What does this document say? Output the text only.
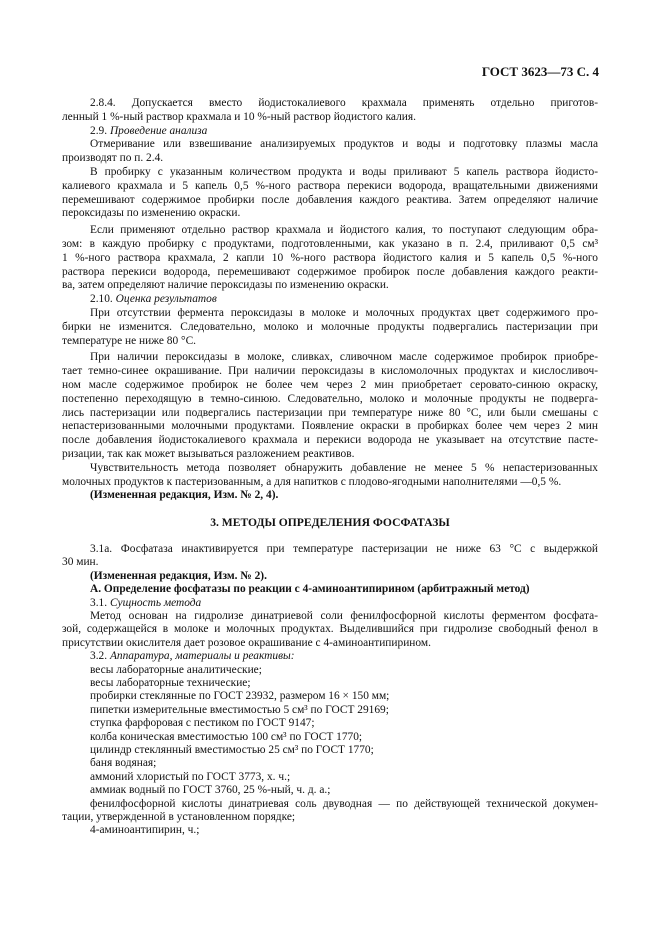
ГОСТ 3623—73 С. 4
2.8.4. Допускается вместо йодистокалиевого крахмала применять отдельно приготов-
ленный 1 %-ный раствор крахмала и 10 %-ный раствор йодистого калия.
2.9. Проведение анализа
Отмеривание или взвешивание анализируемых продуктов и воды и подготовку плазмы масла
производят по п. 2.4.
В пробирку с указанным количеством продукта и воды приливают 5 капель раствора йодисто-
калиевого крахмала и 5 капель 0,5 %-ного раствора перекиси водорода, вращательными движениями
перемешивают содержимое пробирки после добавления каждого реактива. Затем определяют наличие
пероксидазы по изменению окраски.
Если применяют отдельно раствор крахмала и йодистого калия, то поступают следующим обра-
зом: в каждую пробирку с продуктами, подготовленными, как указано в п. 2.4, приливают 0,5 см³
1 %-ного раствора крахмала, 2 капли 10 %-ного раствора йодистого калия и 5 капель 0,5 %-ного
раствора перекиси водорода, перемешивают содержимое пробирок после добавления каждого реакти-
ва, затем определяют наличие пероксидазы по изменению окраски.
2.10. Оценка результатов
При отсутствии фермента пероксидазы в молоке и молочных продуктах цвет содержимого про-
бирки не изменится. Следовательно, молоко и молочные продукты подвергались пастеризации при
температуре не ниже 80 °С.
При наличии пероксидазы в молоке, сливках, сливочном масле содержимое пробирок приобре-
тает темно-синее окрашивание. При наличии пероксидазы в кисломолочных продуктах и кислосливоч-
ном масле содержимое пробирок не более чем через 2 мин приобретает серовато-синюю окраску,
постепенно переходящую в темно-синюю. Следовательно, молоко и молочные продукты не подверга-
лись пастеризации или подвергались пастеризации при температуре ниже 80 °С, или были смешаны с
непастеризованными молочными продуктами. Появление окраски в пробирках более чем через 2 мин
после добавления йодистокалиевого крахмала и перекиси водорода не указывает на отсутствие пасте-
ризации, так как может вызываться разложением реактивов.
Чувствительность метода позволяет обнаружить добавление не менее 5 % непастеризованных
молочных продуктов к пастеризованным, а для напитков с плодово-ягодными наполнителями —0,5 %.
(Измененная редакция, Изм. № 2, 4).
3. МЕТОДЫ ОПРЕДЕЛЕНИЯ ФОСФАТАЗЫ
3.1а. Фосфатаза инактивируется при температуре пастеризации не ниже 63 °С с выдержкой
30 мин.
(Измененная редакция, Изм. № 2).
А. Определение фосфатазы по реакции с 4-аминоантипирином (арбитражный метод)
3.1. Сущность метода
Метод основан на гидролизе динатриевой соли фенилфосфорной кислоты ферментом фосфата-
зой, содержащейся в молоке и молочных продуктах. Выделившийся при гидролизе свободный фенол в
присутствии окислителя дает розовое окрашивание с 4-аминоантипирином.
3.2. Аппаратура, материалы и реактивы:
весы лабораторные аналитические;
весы лабораторные технические;
пробирки стеклянные по ГОСТ 23932, размером 16 × 150 мм;
пипетки измерительные вместимостью 5 см³ по ГОСТ 29169;
ступка фарфоровая с пестиком по ГОСТ 9147;
колба коническая вместимостью 100 см³ по ГОСТ 1770;
цилиндр стеклянный вместимостью 25 см³ по ГОСТ 1770;
баня водяная;
аммоний хлористый по ГОСТ 3773, х. ч.;
аммиак водный по ГОСТ 3760, 25 %-ный, ч. д. а.;
фенилфосфорной кислоты динатриевая соль двуводная — по действующей технической докумен-
тации, утвержденной в установленном порядке;
4-аминоантипирин, ч.;
